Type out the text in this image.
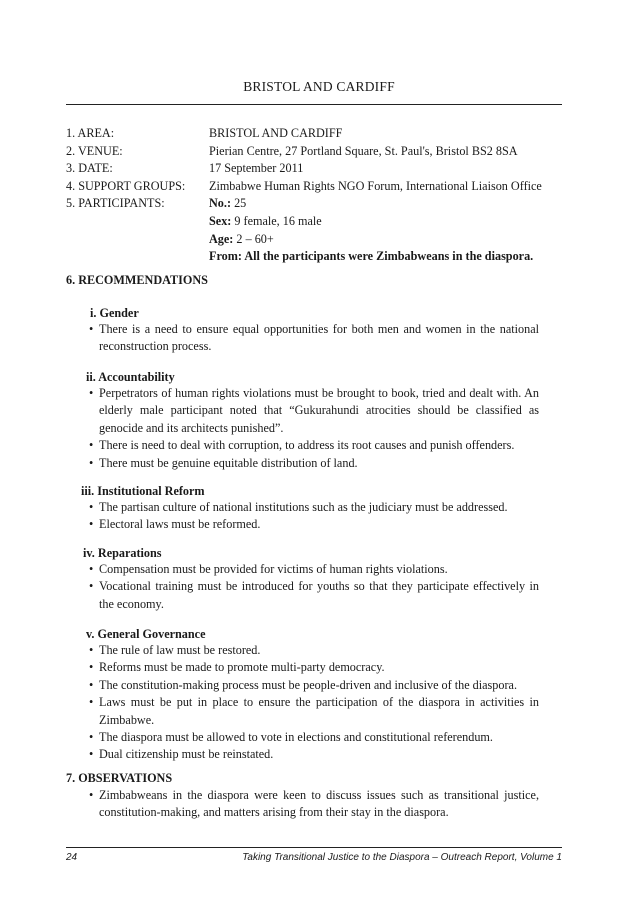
BRISTOL AND CARDIFF
1. AREA:	BRISTOL AND CARDIFF
2. VENUE:	Pierian Centre, 27 Portland Square, St. Paul's, Bristol BS2 8SA
3. DATE:	17 September 2011
4. SUPPORT GROUPS: Zimbabwe Human Rights NGO Forum, International Liaison Office
5. PARTICIPANTS:	No.: 25
Sex: 9 female, 16 male
Age: 2 – 60+
From: All the participants were Zimbabweans in the diaspora.
6. RECOMMENDATIONS
i. Gender
• There is a need to ensure equal opportunities for both men and women in the national reconstruction process.
ii. Accountability
• Perpetrators of human rights violations must be brought to book, tried and dealt with. An elderly male participant noted that “Gukurahundi atrocities should be classified as genocide and its architects punished”.
• There is need to deal with corruption, to address its root causes and punish offenders.
• There must be genuine equitable distribution of land.
iii. Institutional Reform
• The partisan culture of national institutions such as the judiciary must be addressed.
• Electoral laws must be reformed.
iv. Reparations
• Compensation must be provided for victims of human rights violations.
• Vocational training must be introduced for youths so that they participate effectively in the economy.
v. General Governance
• The rule of law must be restored.
• Reforms must be made to promote multi-party democracy.
• The constitution-making process must be people-driven and inclusive of the diaspora.
• Laws must be put in place to ensure the participation of the diaspora in activities in Zimbabwe.
• The diaspora must be allowed to vote in elections and constitutional referendum.
• Dual citizenship must be reinstated.
7. OBSERVATIONS
• Zimbabweans in the diaspora were keen to discuss issues such as transitional justice, constitution-making, and matters arising from their stay in the diaspora.
24	Taking Transitional Justice to the Diaspora – Outreach Report, Volume 1
